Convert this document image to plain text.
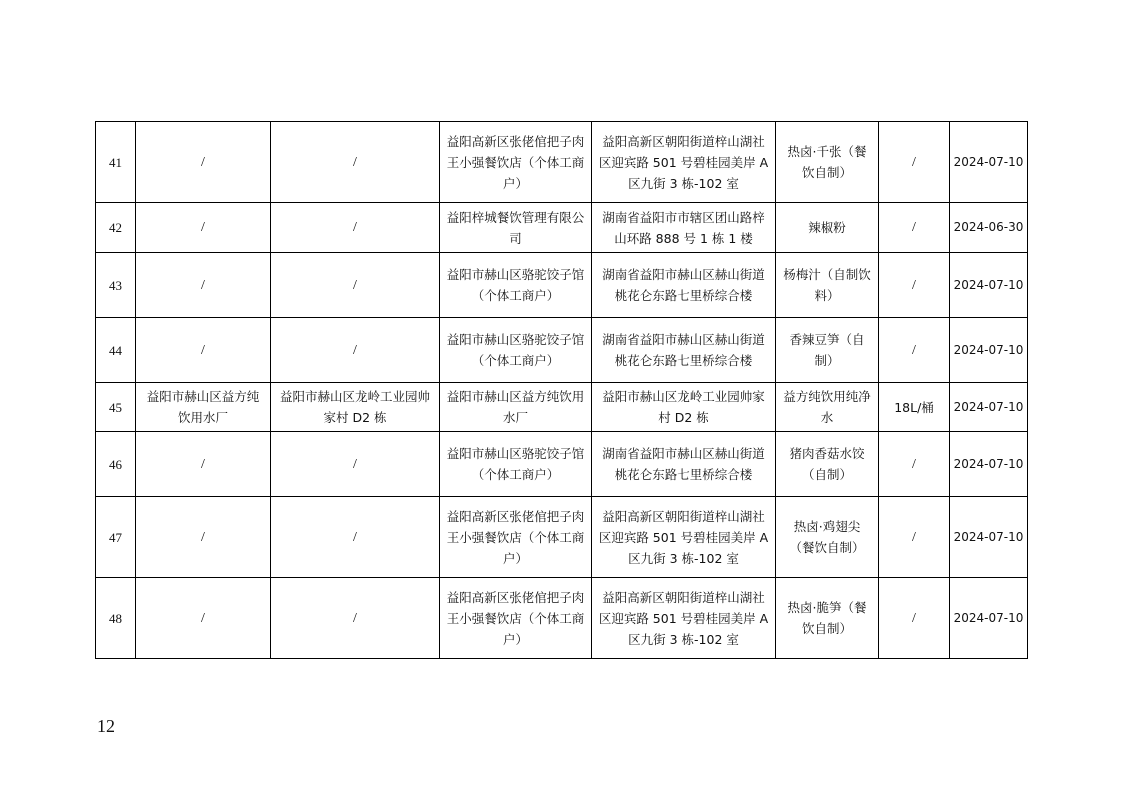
41	/	/	益阳高新区张佬倌把子肉王小强餐饮店（个体工商户）	益阳高新区朝阳街道梓山湖社区迎宾路 501 号碧桂园美岸 A 区九街 3 栋-102 室	热卤·千张（餐饮自制）	/	2024-07-10
42	/	/	益阳梓城餐饮管理有限公司	湖南省益阳市市辖区团山路梓山环路 888 号 1 栋 1 楼	辣椒粉	/	2024-06-30
43	/	/	益阳市赫山区骆驼饺子馆（个体工商户）	湖南省益阳市赫山区赫山街道桃花仑东路七里桥综合楼	杨梅汁（自制饮料）	/	2024-07-10
44	/	/	益阳市赫山区骆驼饺子馆（个体工商户）	湖南省益阳市赫山区赫山街道桃花仑东路七里桥综合楼	香辣豆笋（自制）	/	2024-07-10
45	益阳市赫山区益方纯饮用水厂	益阳市赫山区龙岭工业园帅家村 D2 栋	益阳市赫山区益方纯饮用水厂	益阳市赫山区龙岭工业园帅家村 D2 栋	益方纯饮用纯净水	18L/桶	2024-07-10
46	/	/	益阳市赫山区骆驼饺子馆（个体工商户）	湖南省益阳市赫山区赫山街道桃花仑东路七里桥综合楼	猪肉香菇水饺（自制）	/	2024-07-10
47	/	/	益阳高新区张佬倌把子肉王小强餐饮店（个体工商户）	益阳高新区朝阳街道梓山湖社区迎宾路 501 号碧桂园美岸 A 区九街 3 栋-102 室	热卤·鸡翅尖（餐饮自制）	/	2024-07-10
48	/	/	益阳高新区张佬倌把子肉王小强餐饮店（个体工商户）	益阳高新区朝阳街道梓山湖社区迎宾路 501 号碧桂园美岸 A 区九街 3 栋-102 室	热卤·脆笋（餐饮自制）	/	2024-07-10
12
